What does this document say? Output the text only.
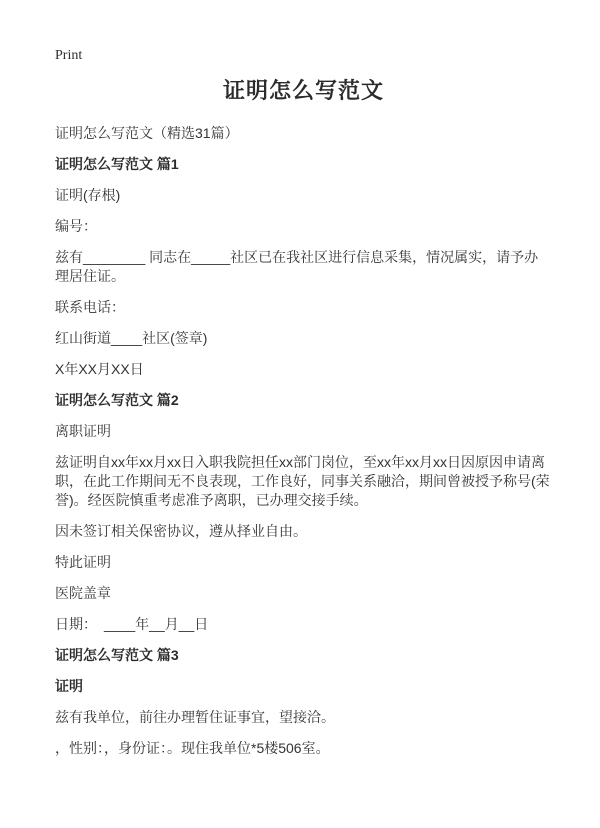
Print
证明怎么写范文

证明怎么写范文（精选31篇）

证明怎么写范文 篇1

证明(存根)

编号：

兹有________ 同志在_____社区已在我社区进行信息采集，情况属实，请予办理居住证。

联系电话：

红山街道____社区(签章)

X年XX月XX日

证明怎么写范文 篇2

离职证明

兹证明自xx年xx月xx日入职我院担任xx部门岗位，至xx年xx月xx日因原因申请离职，在此工作期间无不良表现，工作良好，同事关系融洽，期间曾被授予称号(荣誉)。经医院慎重考虑准予离职，已办理交接手续。

因未签订相关保密协议，遵从择业自由。

特此证明

医院盖章

日期：　____年__月__日

证明怎么写范文 篇3
证明

兹有我单位，前往办理暂住证事宜，望接洽。

，性别：，身份证：。现住我单位*5楼506室。
